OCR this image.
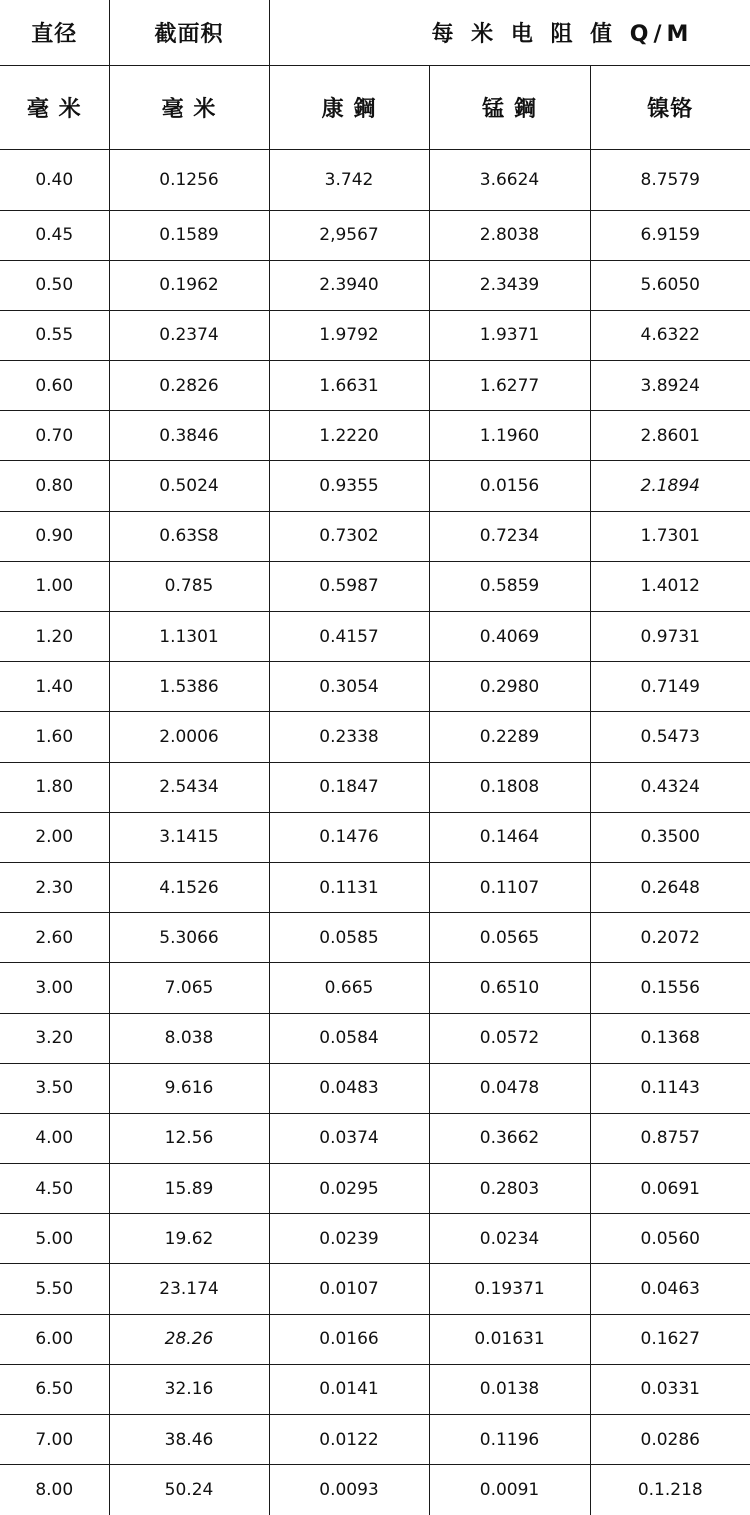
直径	截面积	每 米 电 阻 值 Q/M		
毫 米	毫 米	康 鋼	锰 鋼	镍铬
0.40	0.1256	3.742	3.6624	8.7579
0.45	0.1589	2,9567	2.8038	6.9159
0.50	0.1962	2.3940	2.3439	5.6050
0.55	0.2374	1.9792	1.9371	4.6322
0.60	0.2826	1.6631	1.6277	3.8924
0.70	0.3846	1.2220	1.1960	2.8601
0.80	0.5024	0.9355	0.0156	2.1894
0.90	0.63S8	0.7302	0.7234	1.7301
1.00	0.785	0.5987	0.5859	1.4012
1.20	1.1301	0.4157	0.4069	0.9731
1.40	1.5386	0.3054	0.2980	0.7149
1.60	2.0006	0.2338	0.2289	0.5473
1.80	2.5434	0.1847	0.1808	0.4324
2.00	3.1415	0.1476	0.1464	0.3500
2.30	4.1526	0.1131	0.1107	0.2648
2.60	5.3066	0.0585	0.0565	0.2072
3.00	7.065	0.665	0.6510	0.1556
3.20	8.038	0.0584	0.0572	0.1368
3.50	9.616	0.0483	0.0478	0.1143
4.00	12.56	0.0374	0.3662	0.8757
4.50	15.89	0.0295	0.2803	0.0691
5.00	19.62	0.0239	0.0234	0.0560
5.50	23.174	0.0107	0.19371	0.0463
6.00	28.26	0.0166	0.01631	0.1627
6.50	32.16	0.0141	0.0138	0.0331
7.00	38.46	0.0122	0.1196	0.0286
8.00	50.24	0.0093	0.0091	0.1.218
